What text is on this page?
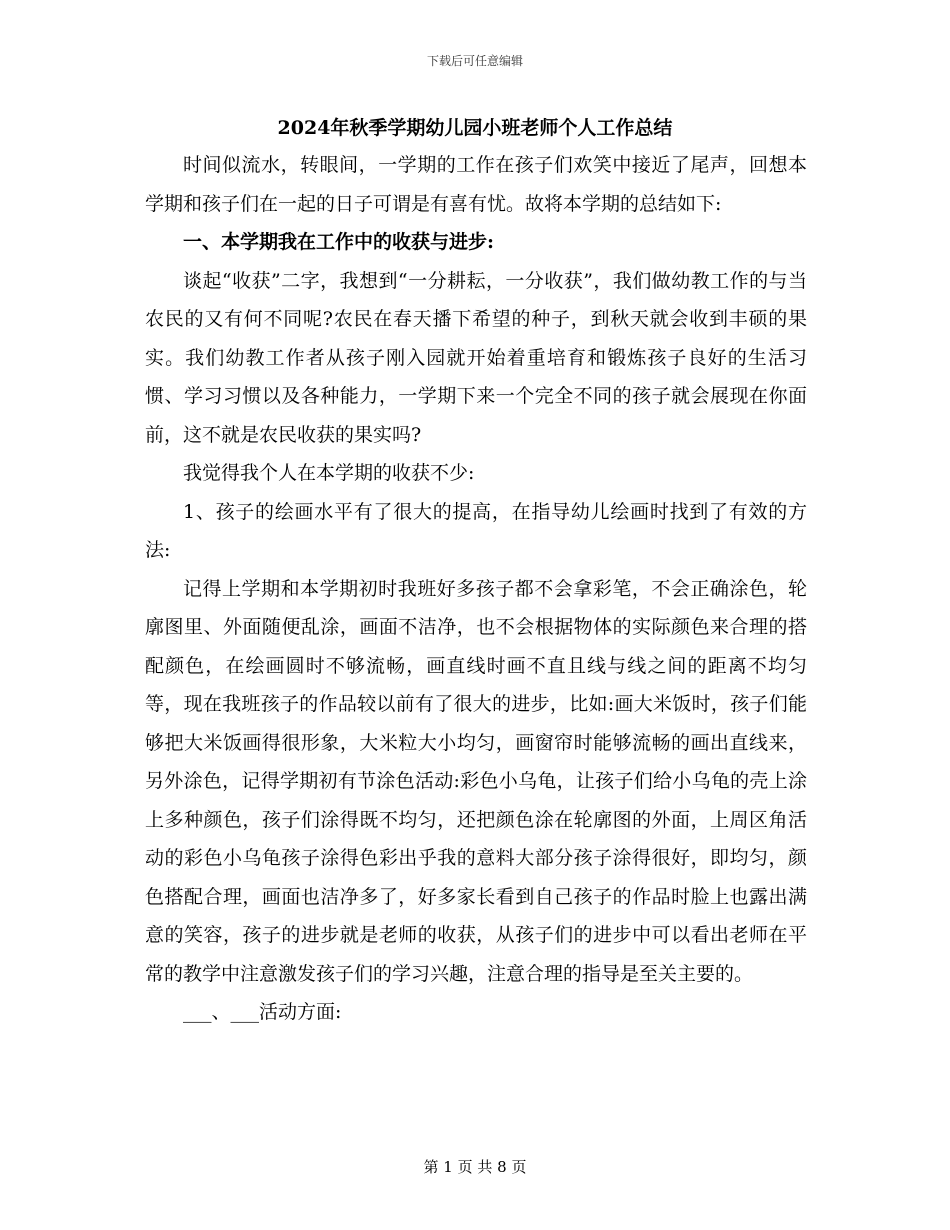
下载后可任意编辑
2024年秋季学期幼儿园小班老师个人工作总结

时间似流水，转眼间，一学期的工作在孩子们欢笑中接近了尾声，回想本学期和孩子们在一起的日子可谓是有喜有忧。故将本学期的总结如下:

一、本学期我在工作中的收获与进步:

谈起“收获”二字，我想到“一分耕耘，一分收获”，我们做幼教工作的与当农民的又有何不同呢?农民在春天播下希望的种子，到秋天就会收到丰硕的果实。我们幼教工作者从孩子刚入园就开始着重培育和锻炼孩子良好的生活习惯、学习习惯以及各种能力，一学期下来一个完全不同的孩子就会展现在你面前，这不就是农民收获的果实吗?

我觉得我个人在本学期的收获不少:

1、孩子的绘画水平有了很大的提高，在指导幼儿绘画时找到了有效的方法:

记得上学期和本学期初时我班好多孩子都不会拿彩笔，不会正确涂色，轮廓图里、外面随便乱涂，画面不洁净，也不会根据物体的实际颜色来合理的搭配颜色，在绘画圆时不够流畅，画直线时画不直且线与线之间的距离不均匀等，现在我班孩子的作品较以前有了很大的进步，比如:画大米饭时，孩子们能够把大米饭画得很形象，大米粒大小均匀，画窗帘时能够流畅的画出直线来，另外涂色，记得学期初有节涂色活动:彩色小乌龟，让孩子们给小乌龟的壳上涂上多种颜色，孩子们涂得既不均匀，还把颜色涂在轮廓图的外面，上周区角活动的彩色小乌龟孩子涂得色彩出乎我的意料大部分孩子涂得很好，即均匀，颜色搭配合理，画面也洁净多了，好多家长看到自己孩子的作品时脸上也露出满意的笑容，孩子的进步就是老师的收获，从孩子们的进步中可以看出老师在平常的教学中注意激发孩子们的学习兴趣，注意合理的指导是至关主要的。

___、___活动方面:

第 1 页 共 8 页
